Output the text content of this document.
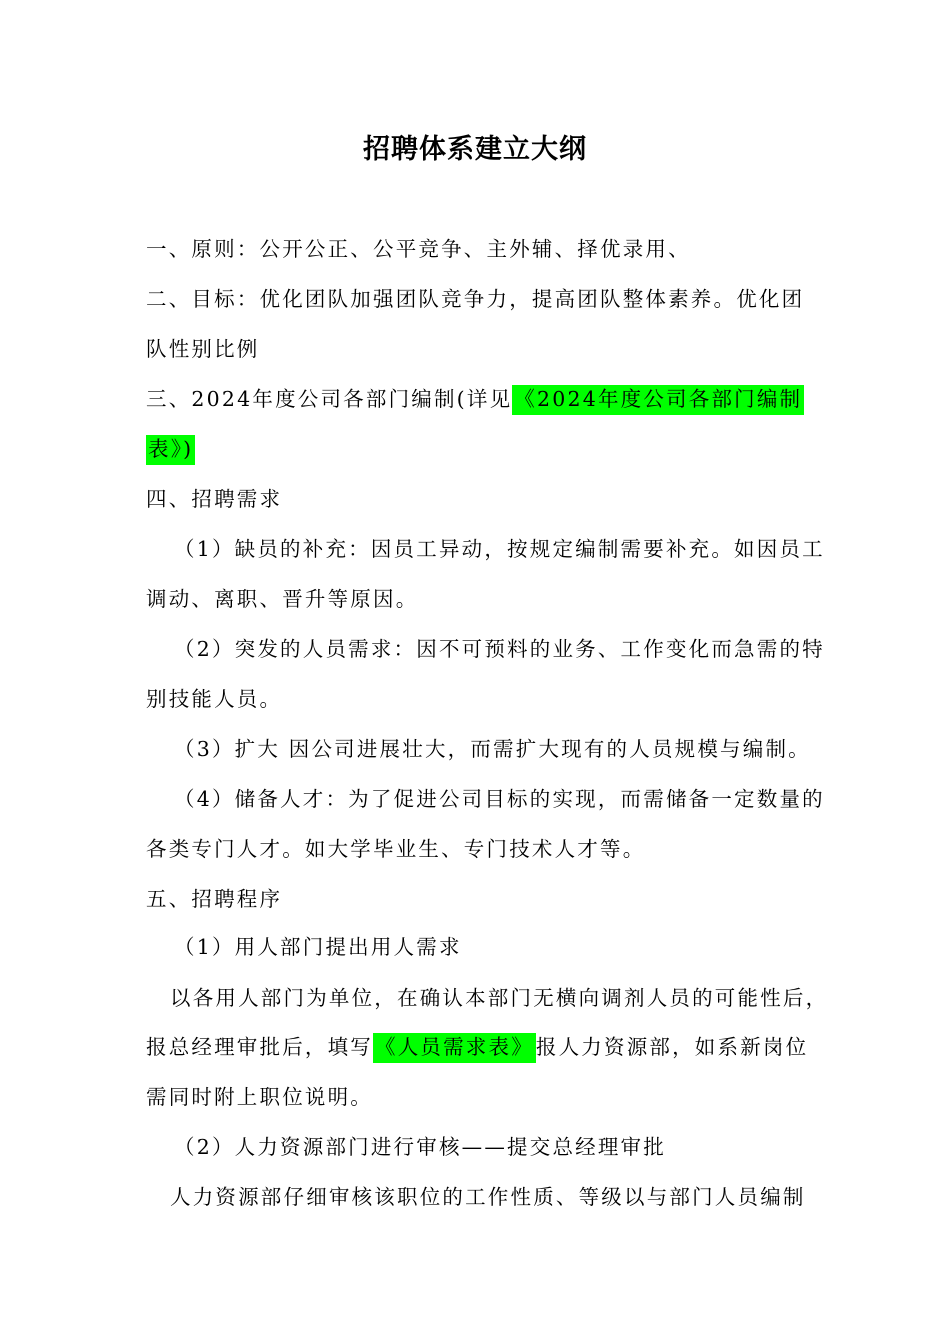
招聘体系建立大纲
一、原则：公开公正、公平竞争、主外辅、择优录用、
二、目标：优化团队加强团队竞争力，提高团队整体素养。优化团
队性别比例
三、2024年度公司各部门编制(详见《2024年度公司各部门编制
表》)
四、招聘需求
（1）缺员的补充：因员工异动，按规定编制需要补充。如因员工
调动、离职、晋升等原因。
（2）突发的人员需求：因不可预料的业务、工作变化而急需的特
别技能人员。
（3）扩大 因公司进展壮大，而需扩大现有的人员规模与编制。
（4）储备人才：为了促进公司目标的实现，而需储备一定数量的
各类专门人才。如大学毕业生、专门技术人才等。
五、招聘程序
（1）用人部门提出用人需求
以各用人部门为单位，在确认本部门无横向调剂人员的可能性后，
报总经理审批后，填写《人员需求表》报人力资源部，如系新岗位
需同时附上职位说明。
（2）人力资源部门进行审核——提交总经理审批
人力资源部仔细审核该职位的工作性质、等级以与部门人员编制
